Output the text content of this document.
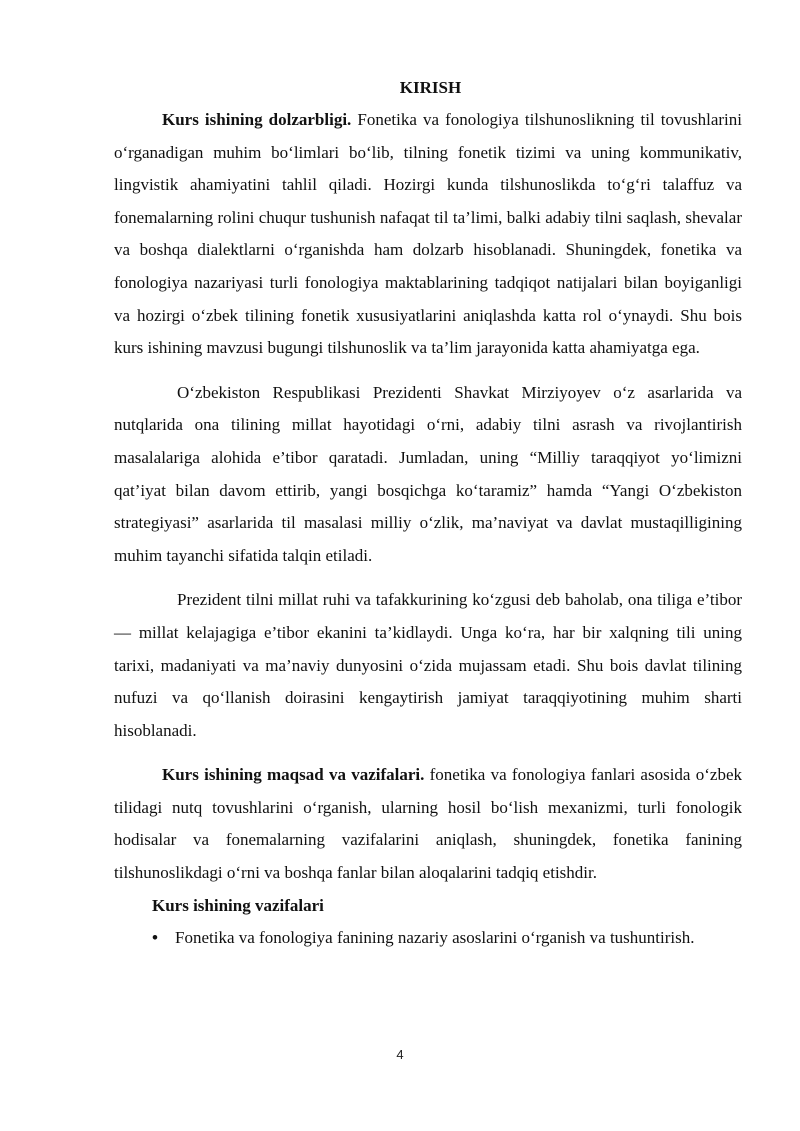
KIRISH

Kurs ishining dolzarbligi. Fonetika va fonologiya tilshunoslikning til tovushlarini o‘rganadigan muhim bo‘limlari bo‘lib, tilning fonetik tizimi va uning kommunikativ, lingvistik ahamiyatini tahlil qiladi. Hozirgi kunda tilshunoslikda to‘g‘ri talaffuz va fonemalarning rolini chuqur tushunish nafaqat til ta’limi, balki adabiy tilni saqlash, shevalar va boshqa dialektlarni o‘rganishda ham dolzarb hisoblanadi. Shuningdek, fonetika va fonologiya nazariyasi turli fonologiya maktablarining tadqiqot natijalari bilan boyiganligi va hozirgi o‘zbek tilining fonetik xususiyatlarini aniqlashda katta rol o‘ynaydi. Shu bois kurs ishining mavzusi bugungi tilshunoslik va ta’lim jarayonida katta ahamiyatga ega.

O‘zbekiston Respublikasi Prezidenti Shavkat Mirziyoyev o‘z asarlarida va nutqlarida ona tilining millat hayotidagi o‘rni, adabiy tilni asrash va rivojlantirish masalalariga alohida e’tibor qaratadi. Jumladan, uning “Milliy taraqqiyot yo‘limizni qat’iyat bilan davom ettirib, yangi bosqichga ko‘taramiz” hamda “Yangi O‘zbekiston strategiyasi” asarlarida til masalasi milliy o‘zlik, ma’naviyat va davlat mustaqilligining muhim tayanchi sifatida talqin etiladi.

Prezident tilni millat ruhi va tafakkurining ko‘zgusi deb baholab, ona tiliga e’tibor — millat kelajagiga e’tibor ekanini ta’kidlaydi. Unga ko‘ra, har bir xalqning tili uning tarixi, madaniyati va ma’naviy dunyosini o‘zida mujassam etadi. Shu bois davlat tilining nufuzi va qo‘llanish doirasini kengaytirish jamiyat taraqqiyotining muhim sharti hisoblanadi.

Kurs ishining maqsad va vazifalari. fonetika va fonologiya fanlari asosida o‘zbek tilidagi nutq tovushlarini o‘rganish, ularning hosil bo‘lish mexanizmi, turli fonologik hodisalar va fonemalarning vazifalarini aniqlash, shuningdek, fonetika fanining tilshunoslikdagi o‘rni va boshqa fanlar bilan aloqalarini tadqiq etishdir.

Kurs ishining vazifalari

• Fonetika va fonologiya fanining nazariy asoslarini o‘rganish va tushuntirish.
4
